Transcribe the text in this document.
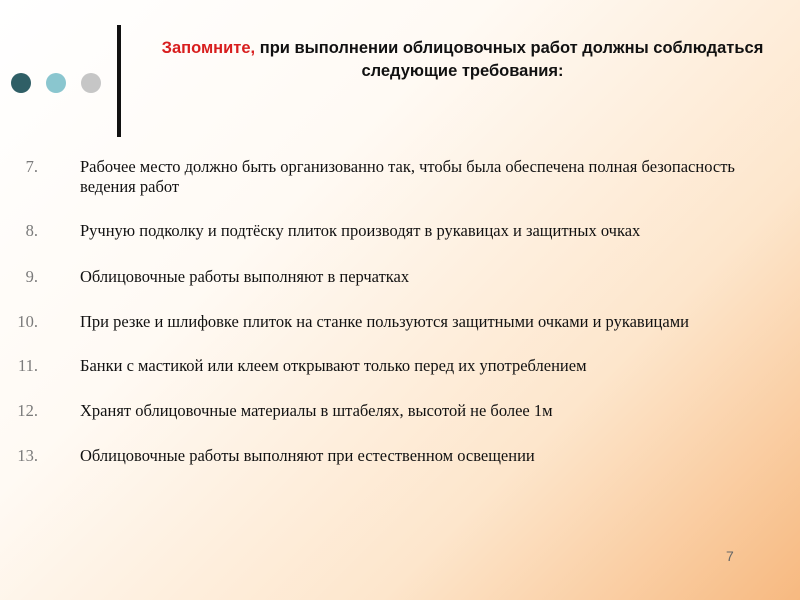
Запомните, при выполнении облицовочных работ должны соблюдаться следующие требования:
7.	Рабочее место должно быть организованно так, чтобы была обеспечена полная безопасность ведения работ
8.	Ручную подколку и подтёску плиток производят в рукавицах и защитных очках
9.	Облицовочные работы выполняют в перчатках
10.	При резке и шлифовке плиток на станке пользуются защитными очками и рукавицами
11.	Банки с мастикой или клеем открывают только перед их употреблением
12.	Хранят облицовочные материалы в штабелях, высотой не более 1м
13.	Облицовочные работы выполняют при естественном освещении
7
